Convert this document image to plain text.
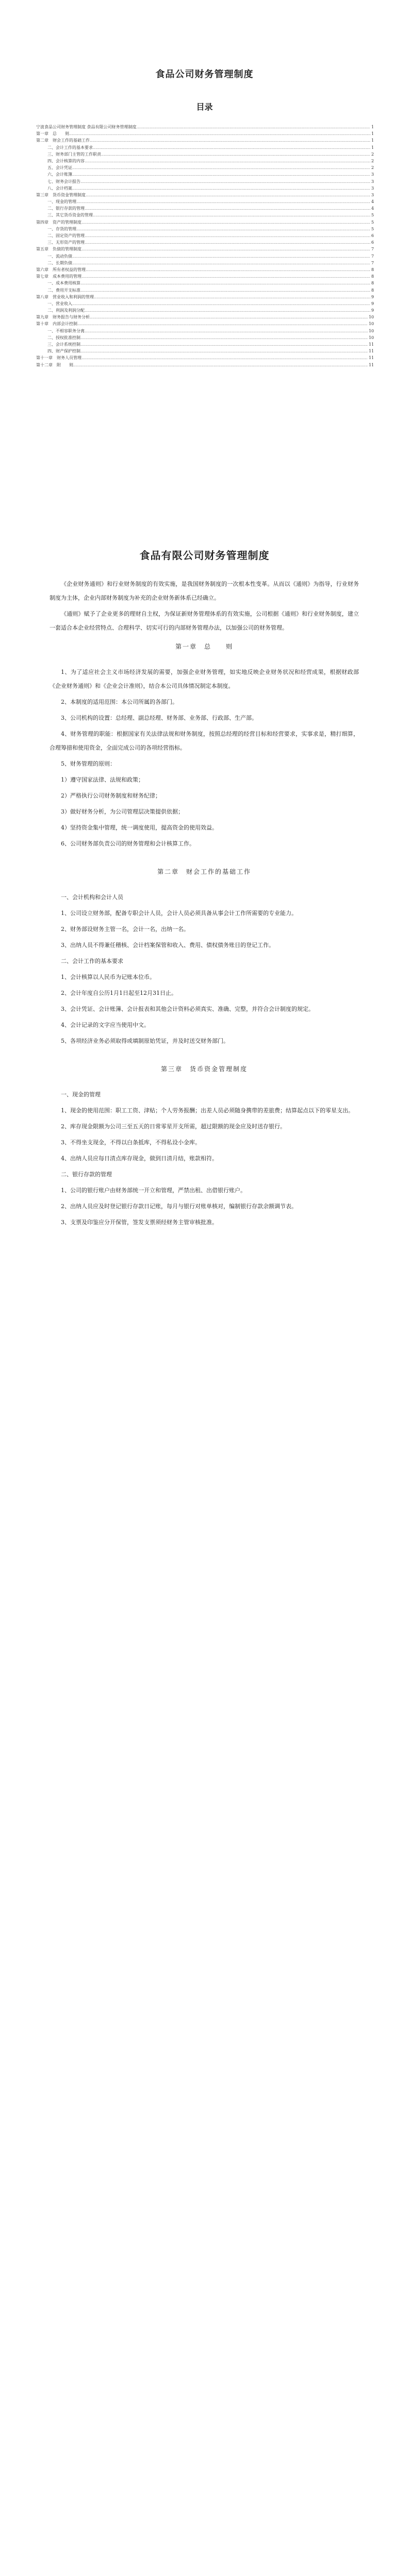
食品公司财务管理制度
目录
宁波食品公司财务管理制度 食品有限公司财务管理制度 .....	1
第一章　总　　则 .....	1
第二章　财会工作的基础工作 .....	1
二、会计工作的基本要求 .....	1
三、财务部门主管的工作职责 .....	2
四、会计核算的内容 .....	2
五、会计凭证 .....	2
六、会计账簿 .....	3
七、财务会计报告 .....	3
八、会计档案 .....	3
第三章　货币资金管理制度 .....	3
一、现金的管理 .....	4
二、银行存款的管理 .....	4
三、其它货币资金的管理 .....	5
第四章　资产的管理制度 .....	5
一、存货的管理 .....	5
二、固定资产的管理 .....	6
三、无形资产的管理 .....	6
第五章　负债的管理制度 .....	7
一、流动负债 .....	7
二、长期负债 .....	7
第六章　所有者权益的管理 .....	8
第七章　成本费用的管理 .....	8
一、成本费用核算 .....	8
二、费用开支标准 .....	8
第八章　营业收入和利润的管理 .....	9
一、营业收入 .....	9
二、利润及利润分配 .....	9
第九章　财务报告与财务分析 .....	10
第十章　内部会计控制 .....	10
一、不相容职务分离 .....	10
二、授权批准控制 .....	10
三、会计系统控制 .....	11
四、财产保护控制 .....	11
第十一章　财务人员管理 .....	11
第十二章　附　　则 .....	11
食品有限公司财务管理制度

《企业财务通则》和行业财务制度的有效实施，是我国财务制度的一次根本性变革。从而以《通则》为指导，行业财务制度为主体，企业内部财务制度为补充的企业财务新体系已经确立。

《通则》赋予了企业更多的理财自主权，为保证新财务管理体系的有效实施，公司根据《通则》和行业财务制度，建立一套适合本企业经营特点、合理科学、切实可行的内部财务管理办法，以加强公司的财务管理。

第一章　总　　则

1、为了适应社会主义市场经济发展的需要，加强企业财务管理，如实地反映企业财务状况和经营成果，根据财政部《企业财务通则》和《企业会计准则》，结合本公司具体情况制定本制度。

2、本制度的适用范围：本公司所属的各部门。

3、公司机构的设置：总经理、副总经理、财务部、业务部、行政部、生产部。

4、财务管理的职能：根据国家有关法律法规和财务制度，按照总经理的经营目标和经营要求，实事求是，精打细算，合理筹措和使用资金，全面完成公司的各项经营指标。

5、财务管理的原则：

1）遵守国家法律、法规和政策；

2）严格执行公司财务制度和财务纪律；

3）做好财务分析，为公司管理层决策提供依据；

4）坚持资金集中管理，统一调度使用，提高资金的使用效益。

6、公司财务部负责公司的财务管理和会计核算工作。

第二章　财会工作的基础工作

一、会计机构和会计人员

1、公司设立财务部，配备专职会计人员，会计人员必须具备从事会计工作所需要的专业能力。

2、财务部设财务主管一名，会计一名，出纳一名。

3、出纳人员不得兼任稽核、会计档案保管和收入、费用、债权债务账目的登记工作。

二、会计工作的基本要求

1、会计核算以人民币为记账本位币。

2、会计年度自公历1月1日起至12月31日止。

3、会计凭证、会计账簿、会计报表和其他会计资料必须真实、准确、完整，并符合会计制度的规定。

4、会计记录的文字应当使用中文。

5、各项经济业务必须取得或填制原始凭证，并及时送交财务部门。

第三章　货币资金管理制度

一、现金的管理

1、现金的使用范围：职工工资、津贴；个人劳务报酬；出差人员必须随身携带的差旅费；结算起点以下的零星支出。

2、库存现金限额为公司三至五天的日常零星开支所需，超过限额的现金应及时送存银行。

3、不得坐支现金，不得以白条抵库，不得私设小金库。

4、出纳人员应每日清点库存现金，做到日清月结，账款相符。

二、银行存款的管理

1、公司的银行账户由财务部统一开立和管理，严禁出租、出借银行账户。

2、出纳人员应及时登记银行存款日记账，每月与银行对账单核对，编制银行存款余额调节表。

3、支票及印鉴应分开保管，签发支票须经财务主管审核批准。
